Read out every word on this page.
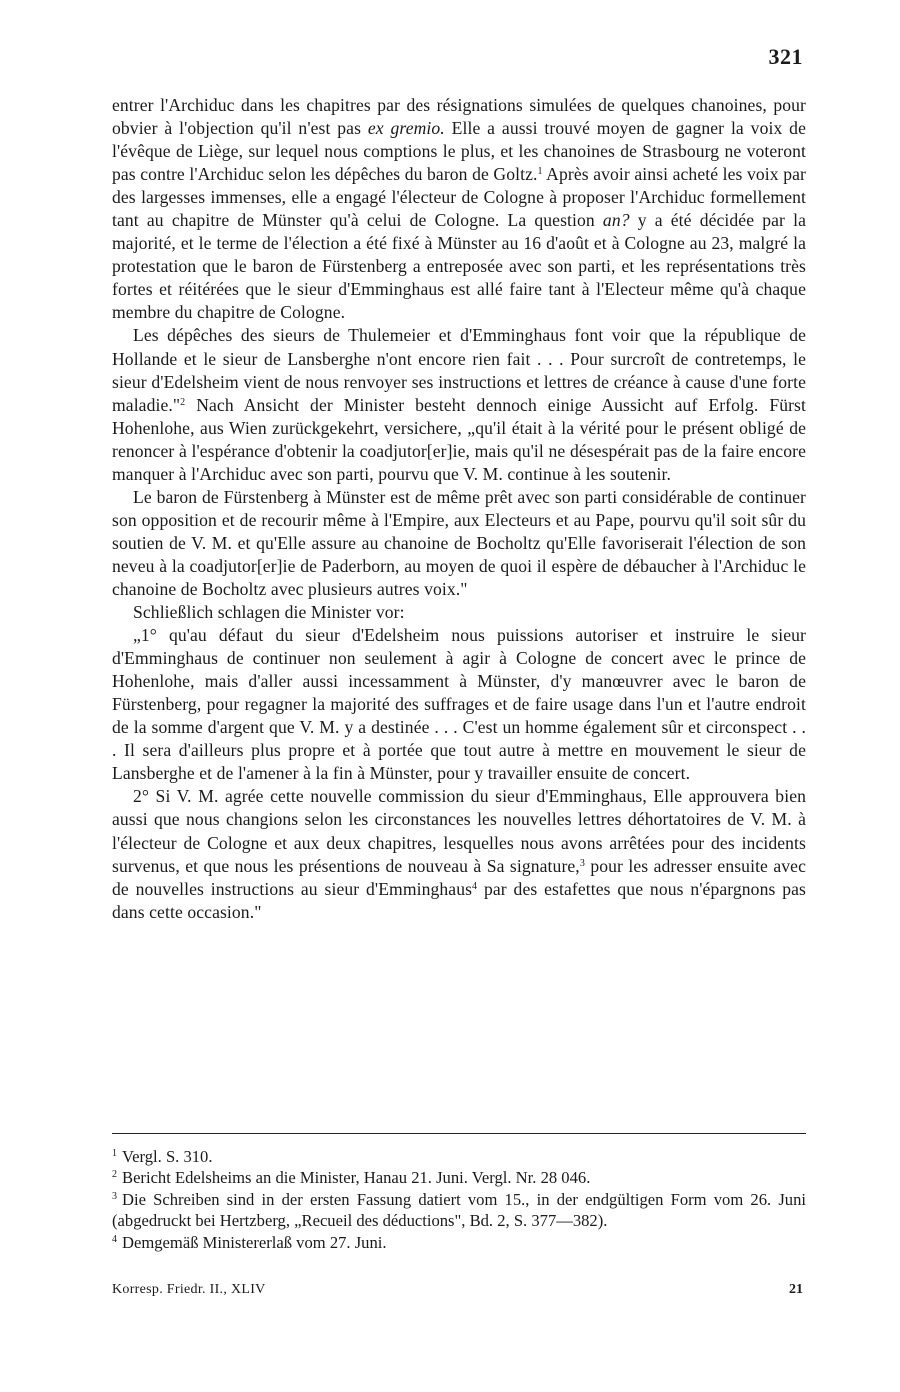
321

entrer l'Archiduc dans les chapitres par des résignations simulées de quelques chanoines, pour obvier à l'objection qu'il n'est pas ex gremio. Elle a aussi trouvé moyen de gagner la voix de l'évêque de Liège, sur lequel nous comptions le plus, et les chanoines de Strasbourg ne voteront pas contre l'Archiduc selon les dépêches du baron de Goltz.$^1$ Après avoir ainsi acheté les voix par des largesses immenses, elle a engagé l'électeur de Cologne à proposer l'Archiduc formellement tant au chapitre de Münster qu'à celui de Cologne. La question an? y a été décidée par la majorité, et le terme de l'élection a été fixé à Münster au 16 d'août et à Cologne au 23, malgré la protestation que le baron de Fürstenberg a entreposée avec son parti, et les représentations très fortes et réitérées que le sieur d'Emminghaus est allé faire tant à l'Electeur même qu'à chaque membre du chapitre de Cologne.

Les dépêches des sieurs de Thulemeier et d'Emminghaus font voir que la république de Hollande et le sieur de Lansberghe n'ont encore rien fait . . . Pour surcroît de contretemps, le sieur d'Edelsheim vient de nous renvoyer ses instructions et lettres de créance à cause d'une forte maladie."$^2$ Nach Ansicht der Minister besteht dennoch einige Aussicht auf Erfolg. Fürst Hohenlohe, aus Wien zurückgekehrt, versichere, „qu'il était à la vérité pour le présent obligé de renoncer à l'espérance d'obtenir la coadjutor[er]ie, mais qu'il ne désespérait pas de la faire encore manquer à l'Archiduc avec son parti, pourvu que V. M. continue à les soutenir.

Le baron de Fürstenberg à Münster est de même prêt avec son parti considérable de continuer son opposition et de recourir même à l'Empire, aux Electeurs et au Pape, pourvu qu'il soit sûr du soutien de V. M. et qu'Elle assure au chanoine de Bocholtz qu'Elle favoriserait l'élection de son neveu à la coadjutor[er]ie de Paderborn, au moyen de quoi il espère de débaucher à l'Archiduc le chanoine de Bocholtz avec plusieurs autres voix."

Schließlich schlagen die Minister vor:

„1° qu'au défaut du sieur d'Edelsheim nous puissions autoriser et instruire le sieur d'Emminghaus de continuer non seulement à agir à Cologne de concert avec le prince de Hohenlohe, mais d'aller aussi incessamment à Münster, d'y manœuvrer avec le baron de Fürstenberg, pour regagner la majorité des suffrages et de faire usage dans l'un et l'autre endroit de la somme d'argent que V. M. y a destinée . . . C'est un homme également sûr et circonspect . . . Il sera d'ailleurs plus propre et à portée que tout autre à mettre en mouvement le sieur de Lansberghe et de l'amener à la fin à Münster, pour y travailler ensuite de concert.

2° Si V. M. agrée cette nouvelle commission du sieur d'Emminghaus, Elle approuvera bien aussi que nous changions selon les circonstances les nouvelles lettres déhortatoires de V. M. à l'électeur de Cologne et aux deux chapitres, lesquelles nous avons arrêtées pour des incidents survenus, et que nous les présentions de nouveau à Sa signature,$^3$ pour les adresser ensuite avec de nouvelles instructions au sieur d'Emminghaus$^4$ par des estafettes que nous n'épargnons pas dans cette occasion."

$^1$ Vergl. S. 310.

$^2$ Bericht Edelsheims an die Minister, Hanau 21. Juni. Vergl. Nr. 28 046.

$^3$ Die Schreiben sind in der ersten Fassung datiert vom 15., in der endgültigen Form vom 26. Juni (abgedruckt bei Hertzberg, „Recueil des déductions", Bd. 2, S. 377—382).

$^4$ Demgemäß Ministererlaß vom 27. Juni.

Korresp. Friedr. II., XLIV	21
